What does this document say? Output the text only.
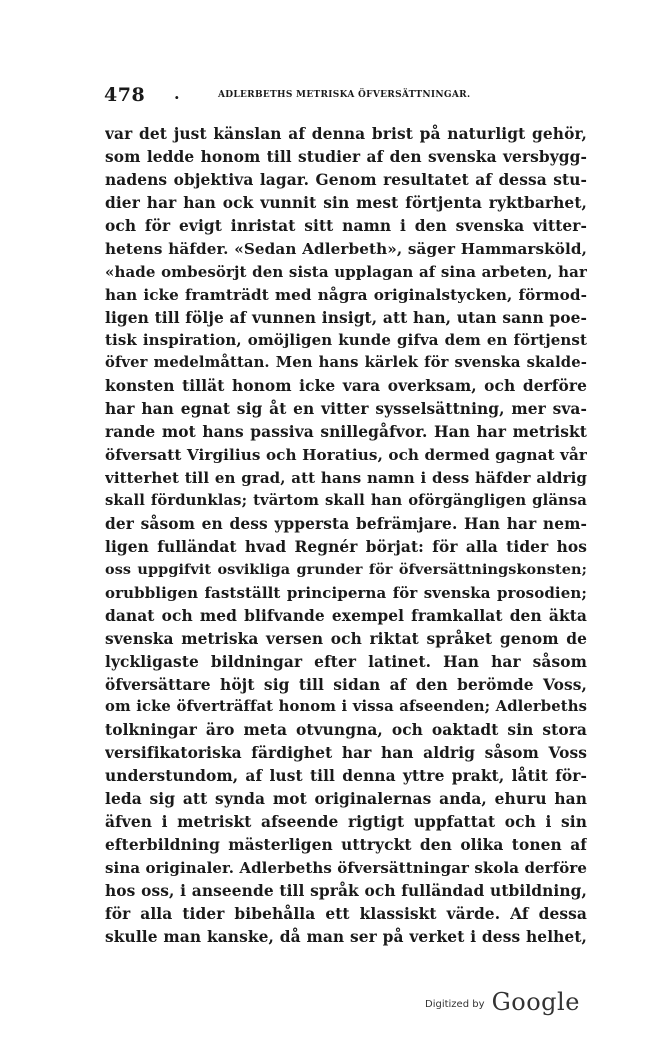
478 .	ADLERBETHS METRISKA ÖFVERSÄTTNINGAR.
var det just känslan af denna brist på naturligt gehör,
som ledde honom till studier af den svenska versbygg-
nadens objektiva lagar. Genom resultatet af dessa stu-
dier har han ock vunnit sin mest förtjenta ryktbarhet,
och för evigt inristat sitt namn i den svenska vitter-
hetens häfder. «Sedan Adlerbeth», säger Hammarsköld,
«hade ombesörjt den sista upplagan af sina arbeten, har
han icke framträdt med några originalstycken, förmod-
ligen till följe af vunnen insigt, att han, utan sann poe-
tisk inspiration, omöjligen kunde gifva dem en förtjenst
öfver medelmåttan. Men hans kärlek för svenska skalde-
konsten tillät honom icke vara overksam, och derföre
har han egnat sig åt en vitter sysselsättning, mer sva-
rande mot hans passiva snillegåfvor. Han har metriskt
öfversatt Virgilius och Horatius, och dermed gagnat vår
vitterhet till en grad, att hans namn i dess häfder aldrig
skall fördunklas; tvärtom skall han oförgängligen glänsa
der såsom en dess yppersta befrämjare. Han har nem-
ligen fulländat hvad Regnér börjat: för alla tider hos
oss uppgifvit osvikliga grunder för öfversättningskonsten;
orubbligen fastställt principerna för svenska prosodien;
danat och med blifvande exempel framkallat den äkta
svenska metriska versen och riktat språket genom de
lyckligaste bildningar efter latinet. Han har såsom
öfversättare höjt sig till sidan af den berömde Voss,
om icke öfverträffat honom i vissa afseenden; Adlerbeths
tolkningar äro meta otvungna, och oaktadt sin stora
versifikatoriska färdighet har han aldrig såsom Voss
understundom, af lust till denna yttre prakt, låtit för-
leda sig att synda mot originalernas anda, ehuru han
äfven i metriskt afseende rigtigt uppfattat och i sin
efterbildning mästerligen uttryckt den olika tonen af
sina originaler. Adlerbeths öfversättningar skola derföre
hos oss, i anseende till språk och fulländad utbildning,
för alla tider bibehålla ett klassiskt värde. Af dessa
skulle man kanske, då man ser på verket i dess helhet,
Digitized by Google
